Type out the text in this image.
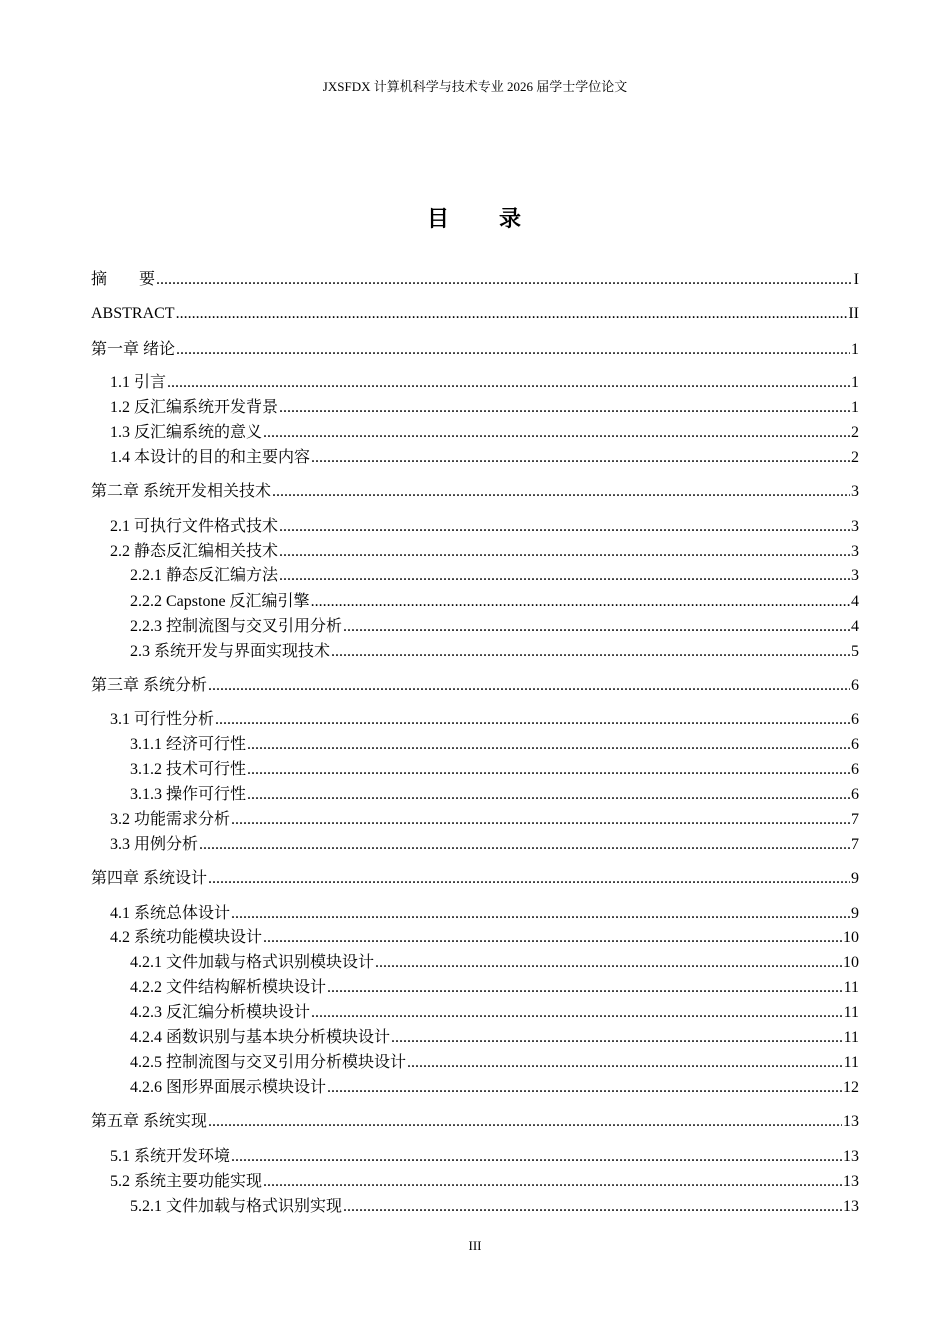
JXSFDX 计算机科学与技术专业 2026 届学士学位论文
目　　录
摘　　要 .....	I
ABSTRACT .....	II
第一章 绪论 .....	1
1.1 引言 .....	1
1.2 反汇编系统开发背景 .....	1
1.3 反汇编系统的意义 .....	2
1.4 本设计的目的和主要内容 .....	2
第二章 系统开发相关技术 .....	3
2.1 可执行文件格式技术 .....	3
2.2 静态反汇编相关技术 .....	3
2.2.1 静态反汇编方法 .....	3
2.2.2 Capstone 反汇编引擎 .....	4
2.2.3 控制流图与交叉引用分析 .....	4
2.3 系统开发与界面实现技术 .....	5
第三章 系统分析 .....	6
3.1 可行性分析 .....	6
3.1.1 经济可行性 .....	6
3.1.2 技术可行性 .....	6
3.1.3 操作可行性 .....	6
3.2 功能需求分析 .....	7
3.3 用例分析 .....	7
第四章 系统设计 .....	9
4.1 系统总体设计 .....	9
4.2 系统功能模块设计 .....	10
4.2.1 文件加载与格式识别模块设计 .....	10
4.2.2 文件结构解析模块设计 .....	11
4.2.3 反汇编分析模块设计 .....	11
4.2.4 函数识别与基本块分析模块设计 .....	11
4.2.5 控制流图与交叉引用分析模块设计 .....	11
4.2.6 图形界面展示模块设计 .....	12
第五章 系统实现 .....	13
5.1 系统开发环境 .....	13
5.2 系统主要功能实现 .....	13
5.2.1 文件加载与格式识别实现 .....	13
III
